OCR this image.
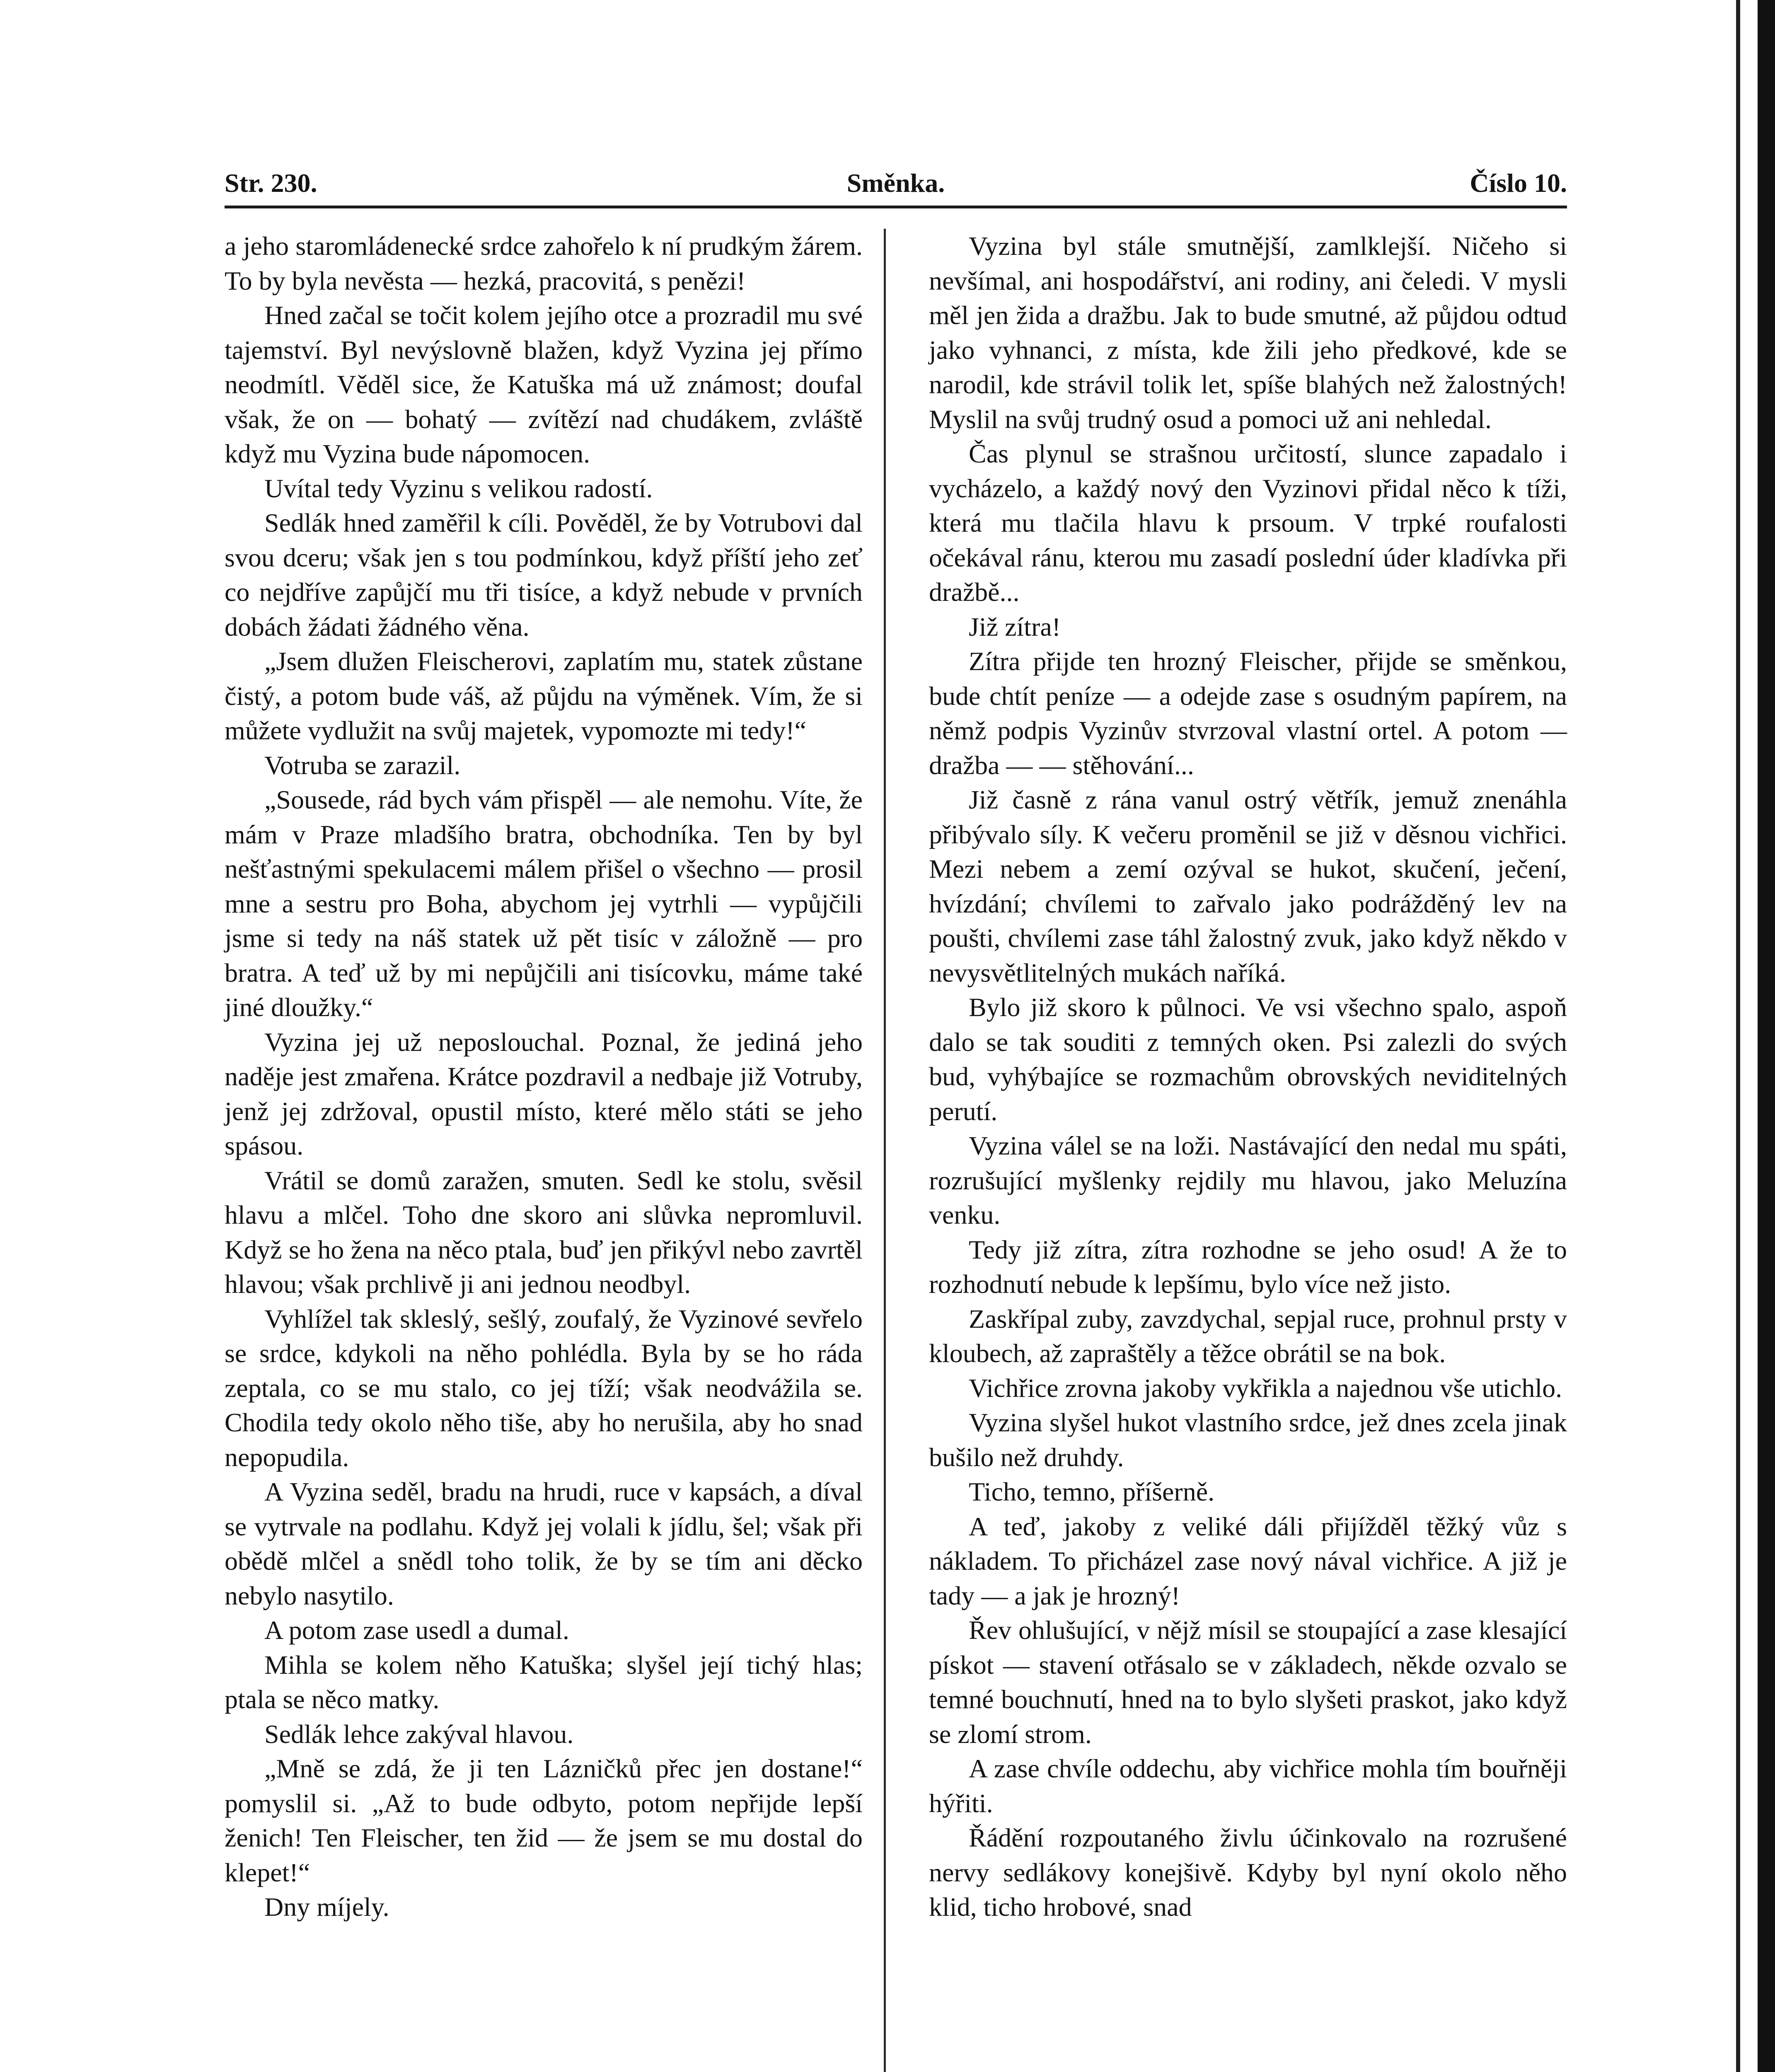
Směnka.
Str. 230.	Číslo 10.

a jeho staromládenecké srdce zahořelo k ní prudkým žárem. To by byla nevěsta — hezká, pracovitá, s penězi!

Hned začal se točit kolem jejího otce a prozradil mu své tajemství. Byl nevýslovně blažen, když Vyzina jej přímo neodmítl. Věděl sice, že Katuška má už známost; doufal však, že on — bohatý — zvítězí nad chudákem, zvláště když mu Vyzina bude nápomocen.

Uvítal tedy Vyzinu s velikou radostí.

Sedlák hned zaměřil k cíli. Pověděl, že by Votrubovi dal svou dceru; však jen s tou podmínkou, když příští jeho zeť co nejdříve zapůjčí mu tři tisíce, a když nebude v prvních dobách žádati žádného věna.

„Jsem dlužen Fleischerovi, zaplatím mu, statek zůstane čistý, a potom bude váš, až půjdu na výměnek. Vím, že si můžete vydlužit na svůj majetek, vypomozte mi tedy!“

Votruba se zarazil.

„Sousede, rád bych vám přispěl — ale nemohu. Víte, že mám v Praze mladšího bratra, obchodníka. Ten by byl nešťastnými spekulacemi málem přišel o všechno — prosil mne a sestru pro Boha, abychom jej vytrhli — vypůjčili jsme si tedy na náš statek už pět tisíc v záložně — pro bratra. A teď už by mi nepůjčili ani tisícovku, máme také jiné dloužky.“

Vyzina jej už neposlouchal. Poznal, že jediná jeho naděje jest zmařena. Krátce pozdravil a nedbaje již Votruby, jenž jej zdržoval, opustil místo, které mělo státi se jeho spásou.

Vrátil se domů zaražen, smuten. Sedl ke stolu, svěsil hlavu a mlčel. Toho dne skoro ani slůvka nepromluvil. Když se ho žena na něco ptala, buď jen přikývl nebo zavrtěl hlavou; však prchlivě ji ani jednou neodbyl.

Vyhlížel tak skleslý, sešlý, zoufalý, že Vyzinové sevřelo se srdce, kdykoli na něho pohlédla. Byla by se ho ráda zeptala, co se mu stalo, co jej tíží; však neodvážila se. Chodila tedy okolo něho tiše, aby ho nerušila, aby ho snad nepopudila.

A Vyzina seděl, bradu na hrudi, ruce v kapsách, a díval se vytrvale na podlahu. Když jej volali k jídlu, šel; však při obědě mlčel a snědl toho tolik, že by se tím ani děcko nebylo nasytilo.

A potom zase usedl a dumal.

Mihla se kolem něho Katuška; slyšel její tichý hlas; ptala se něco matky.

Sedlák lehce zakýval hlavou.

„Mně se zdá, že ji ten Lázničků přec jen dostane!“ pomyslil si. „Až to bude odbyto, potom nepřijde lepší ženich! Ten Fleischer, ten žid — že jsem se mu dostal do klepet!“

Dny míjely.

Vyzina byl stále smutnější, zamlklejší. Ničeho si nevšímal, ani hospodářství, ani rodiny, ani čeledi. V mysli měl jen žida a dražbu. Jak to bude smutné, až půjdou odtud jako vyhnanci, z místa, kde žili jeho předkové, kde se narodil, kde strávil tolik let, spíše blahých než žalostných! Myslil na svůj trudný osud a pomoci už ani nehledal.

Čas plynul se strašnou určitostí, slunce zapadalo i vycházelo, a každý nový den Vyzinovi přidal něco k tíži, která mu tlačila hlavu k prsoum. V trpké roufalosti očekával ránu, kterou mu zasadí poslední úder kladívka při dražbě...

Již zítra!

Zítra přijde ten hrozný Fleischer, přijde se směnkou, bude chtít peníze — a odejde zase s osudným papírem, na němž podpis Vyzinův stvrzoval vlastní ortel. A potom — dražba — — stěhování...

Již časně z rána vanul ostrý větřík, jemuž znenáhla přibývalo síly. K večeru proměnil se již v děsnou vichřici. Mezi nebem a zemí ozýval se hukot, skučení, ječení, hvízdání; chvílemi to zařvalo jako podrážděný lev na poušti, chvílemi zase táhl žalostný zvuk, jako když někdo v nevysvětlitelných mukách naříká.

Bylo již skoro k půlnoci. Ve vsi všechno spalo, aspoň dalo se tak souditi z temných oken. Psi zalezli do svých bud, vyhýbajíce se rozmachům obrovských neviditelných perutí.

Vyzina válel se na loži. Nastávající den nedal mu spáti, rozrušující myšlenky rejdily mu hlavou, jako Meluzína venku.

Tedy již zítra, zítra rozhodne se jeho osud! A že to rozhodnutí nebude k lepšímu, bylo více než jisto.

Zaskřípal zuby, zavzdychal, sepjal ruce, prohnul prsty v kloubech, až zapraštěly a těžce obrátil se na bok.

Vichřice zrovna jakoby vykřikla a najednou vše utichlo.

Vyzina slyšel hukot vlastního srdce, jež dnes zcela jinak bušilo než druhdy.

Ticho, temno, příšerně.

A teď, jakoby z veliké dáli přijížděl těžký vůz s nákladem. To přicházel zase nový nával vichřice. A již je tady — a jak je hrozný!

Řev ohlušující, v nějž mísil se stoupající a zase klesající pískot — stavení otřásalo se v základech, někde ozvalo se temné bouchnutí, hned na to bylo slyšeti praskot, jako když se zlomí strom.

A zase chvíle oddechu, aby vichřice mohla tím bouřněji hýřiti.

Řádění rozpoutaného živlu účinkovalo na rozrušené nervy sedlákovy konejšivě. Kdyby byl nyní okolo něho klid, ticho hrobové, snad
